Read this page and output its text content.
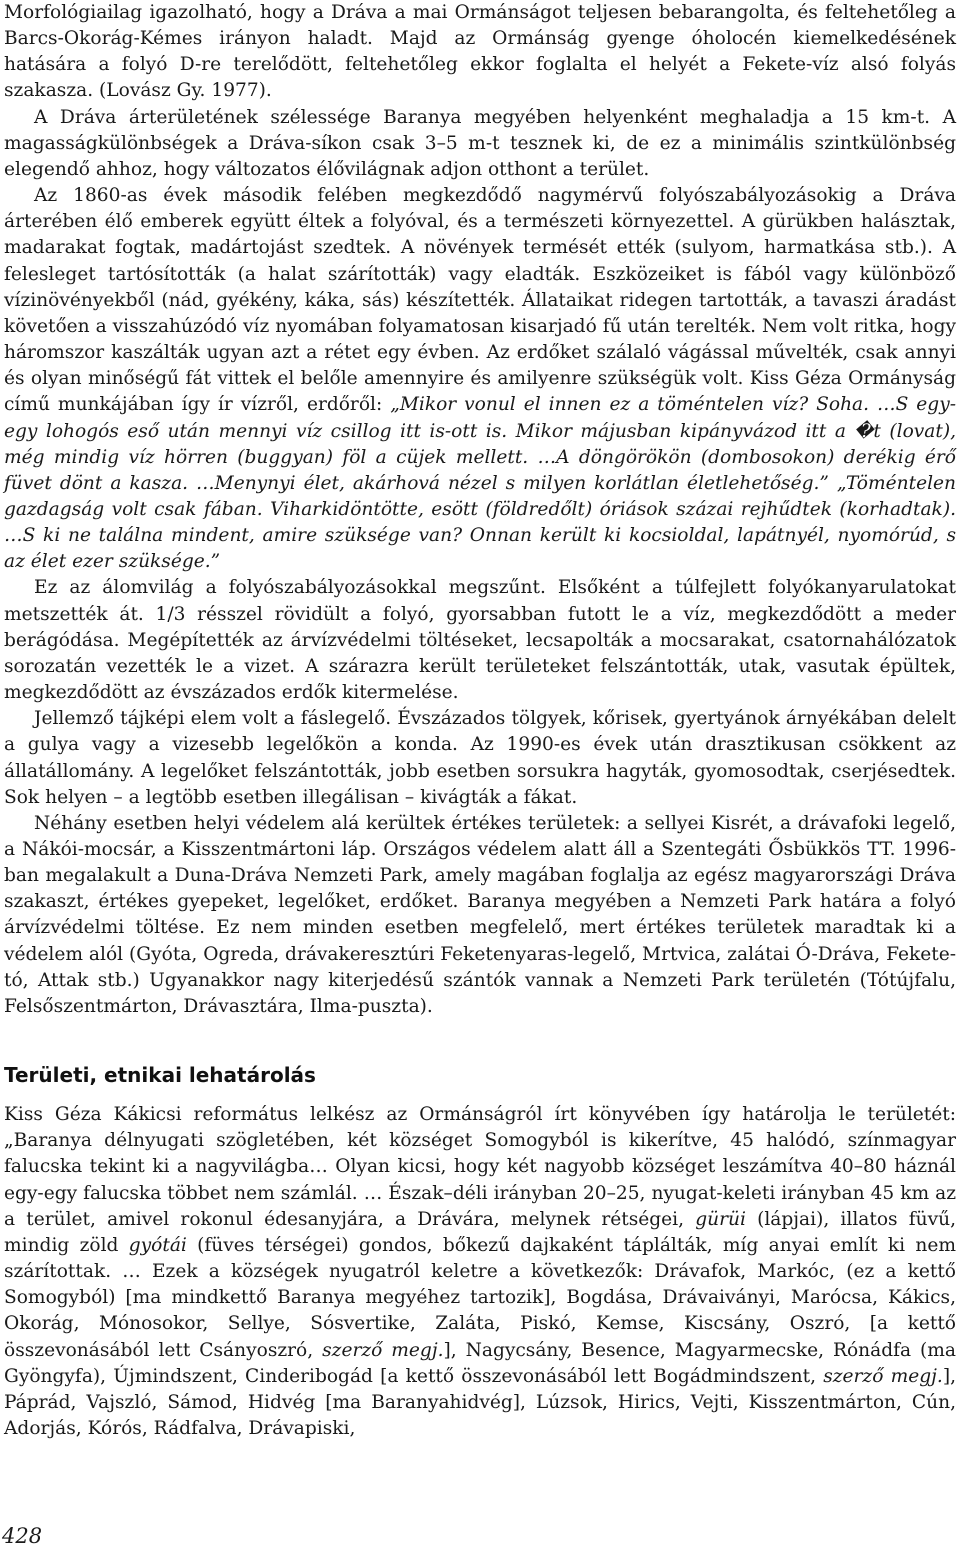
Morfológiailag igazolható, hogy a Dráva a mai Ormánságot teljesen bebarangolta, és feltehetőleg a Barcs-Okorág-Kémes irányon haladt. Majd az Ormánság gyenge óholocén kiemelkedésének hatására a folyó D-re terelődött, feltehetőleg ekkor foglalta el helyét a Fekete-víz alsó folyás szakasza. (Lovász Gy. 1977).

A Dráva árterületének szélessége Baranya megyében helyenként meghaladja a 15 km-t. A magasságkülönbségek a Dráva-síkon csak 3–5 m-t tesznek ki, de ez a minimális szintkülönbség elegendő ahhoz, hogy változatos élővilágnak adjon otthont a terület.

Az 1860-as évek második felében megkezdődő nagymérvű folyószabályozásokig a Dráva árterében élő emberek együtt éltek a folyóval, és a természeti környezettel. A gürükben halásztak, madarakat fogtak, madártojást szedtek. A növények termését ették (sulyom, harmatkása stb.). A felesleget tartósították (a halat szárították) vagy eladták. Eszközeiket is fából vagy különböző vízinövényekből (nád, gyékény, káka, sás) készítették. Állataikat ridegen tartották, a tavaszi áradást követően a visszahúzódó víz nyomában folyamatosan kisarjadó fű után terelték. Nem volt ritka, hogy háromszor kaszálták ugyan azt a rétet egy évben. Az erdőket szálaló vágással művelték, csak annyi és olyan minőségű fát vittek el belőle amennyire és amilyenre szükségük volt. Kiss Géza Ormányság című munkájában így ír vízről, erdőről: „Mikor vonul el innen ez a töméntelen víz? Soha. …S egy-egy lohogós eső után mennyi víz csillog itt is-ott is. Mikor májusban kipányvázod itt a �t (lovat), még mindig víz hörren (buggyan) föl a cüjek mellett. …A döngörökön (dombosokon) derékig érő füvet dönt a kasza. …Menynyi élet, akárhová nézel s milyen korlátlan életlehetőség.” „Töméntelen gazdagság volt csak fában. Viharkidöntötte, esött (földredőlt) óriások százai rejhűdtek (korhadtak). …S ki ne találna mindent, amire szüksége van? Onnan került ki kocsioldal, lapátnyél, nyomórúd, s az élet ezer szüksége.”

Ez az álomvilág a folyószabályozásokkal megszűnt. Elsőként a túlfejlett folyókanyarulatokat metszették át. 1/3 résszel rövidült a folyó, gyorsabban futott le a víz, megkezdődött a meder berágódása. Megépítették az árvízvédelmi töltéseket, lecsapolták a mocsarakat, csatornahálózatok sorozatán vezették le a vizet. A szárazra került területeket felszántották, utak, vasutak épültek, megkezdődött az évszázados erdők kitermelése.

Jellemző tájképi elem volt a fáslegelő. Évszázados tölgyek, kőrisek, gyertyánok árnyékában delelt a gulya vagy a vizesebb legelőkön a konda. Az 1990-es évek után drasztikusan csökkent az állatállomány. A legelőket felszántották, jobb esetben sorsukra hagyták, gyomosodtak, cserjésedtek. Sok helyen – a legtöbb esetben illegálisan – kivágták a fákat.

Néhány esetben helyi védelem alá kerültek értékes területek: a sellyei Kisrét, a drávafoki legelő, a Nákói-mocsár, a Kisszentmártoni láp. Országos védelem alatt áll a Szentegáti Ősbükkös TT. 1996-ban megalakult a Duna-Dráva Nemzeti Park, amely magában foglalja az egész magyarországi Dráva szakaszt, értékes gyepeket, legelőket, erdőket. Baranya megyében a Nemzeti Park határa a folyó árvízvédelmi töltése. Ez nem minden esetben megfelelő, mert értékes területek maradtak ki a védelem alól (Gyóta, Ogreda, drávakeresztúri Feketenyaras-legelő, Mrtvica, zalátai Ó-Dráva, Fekete-tó, Attak stb.) Ugyanakkor nagy kiterjedésű szántók vannak a Nemzeti Park területén (Tótújfalu, Felsőszentmárton, Drávasztára, Ilma-puszta).

Területi, etnikai lehatárolás

Kiss Géza Kákicsi református lelkész az Ormánságról írt könyvében így határolja le területét: „Baranya délnyugati szögletében, két községet Somogyból is kikerítve, 45 halódó, színmagyar falucska tekint ki a nagyvilágba… Olyan kicsi, hogy két nagyobb községet leszámítva 40–80 háznál egy-egy falucska többet nem számlál. … Észak–déli irányban 20–25, nyugat-keleti irányban 45 km az a terület, amivel rokonul édesanyjára, a Drávára, melynek rétségei, gürüi (lápjai), illatos füvű, mindig zöld gyótái (füves térségei) gondos, bőkezű dajkaként táplálták, míg anyai említ ki nem szárítottak. … Ezek a községek nyugatról keletre a következők: Drávafok, Markóc, (ez a kettő Somogyból) [ma mindkettő Baranya megyéhez tartozik], Bogdása, Drávaiványi, Marócsa, Kákics, Okorág, Mónosokor, Sellye, Sósvertike, Zaláta, Piskó, Kemse, Kiscsány, Oszró, [a kettő összevonásából lett Csányoszró, szerző megj.], Nagycsány, Besence, Magyarmecske, Rónádfa (ma Gyöngyfa), Újmindszent, Cinderibogád [a kettő összevonásából lett Bogádmindszent, szerző megj.], Páprád, Vajszló, Sámod, Hidvég [ma Baranyahidvég], Lúzsok, Hirics, Vejti, Kisszentmárton, Cún, Adorjás, Kórós, Rádfalva, Drávapiski,

428
